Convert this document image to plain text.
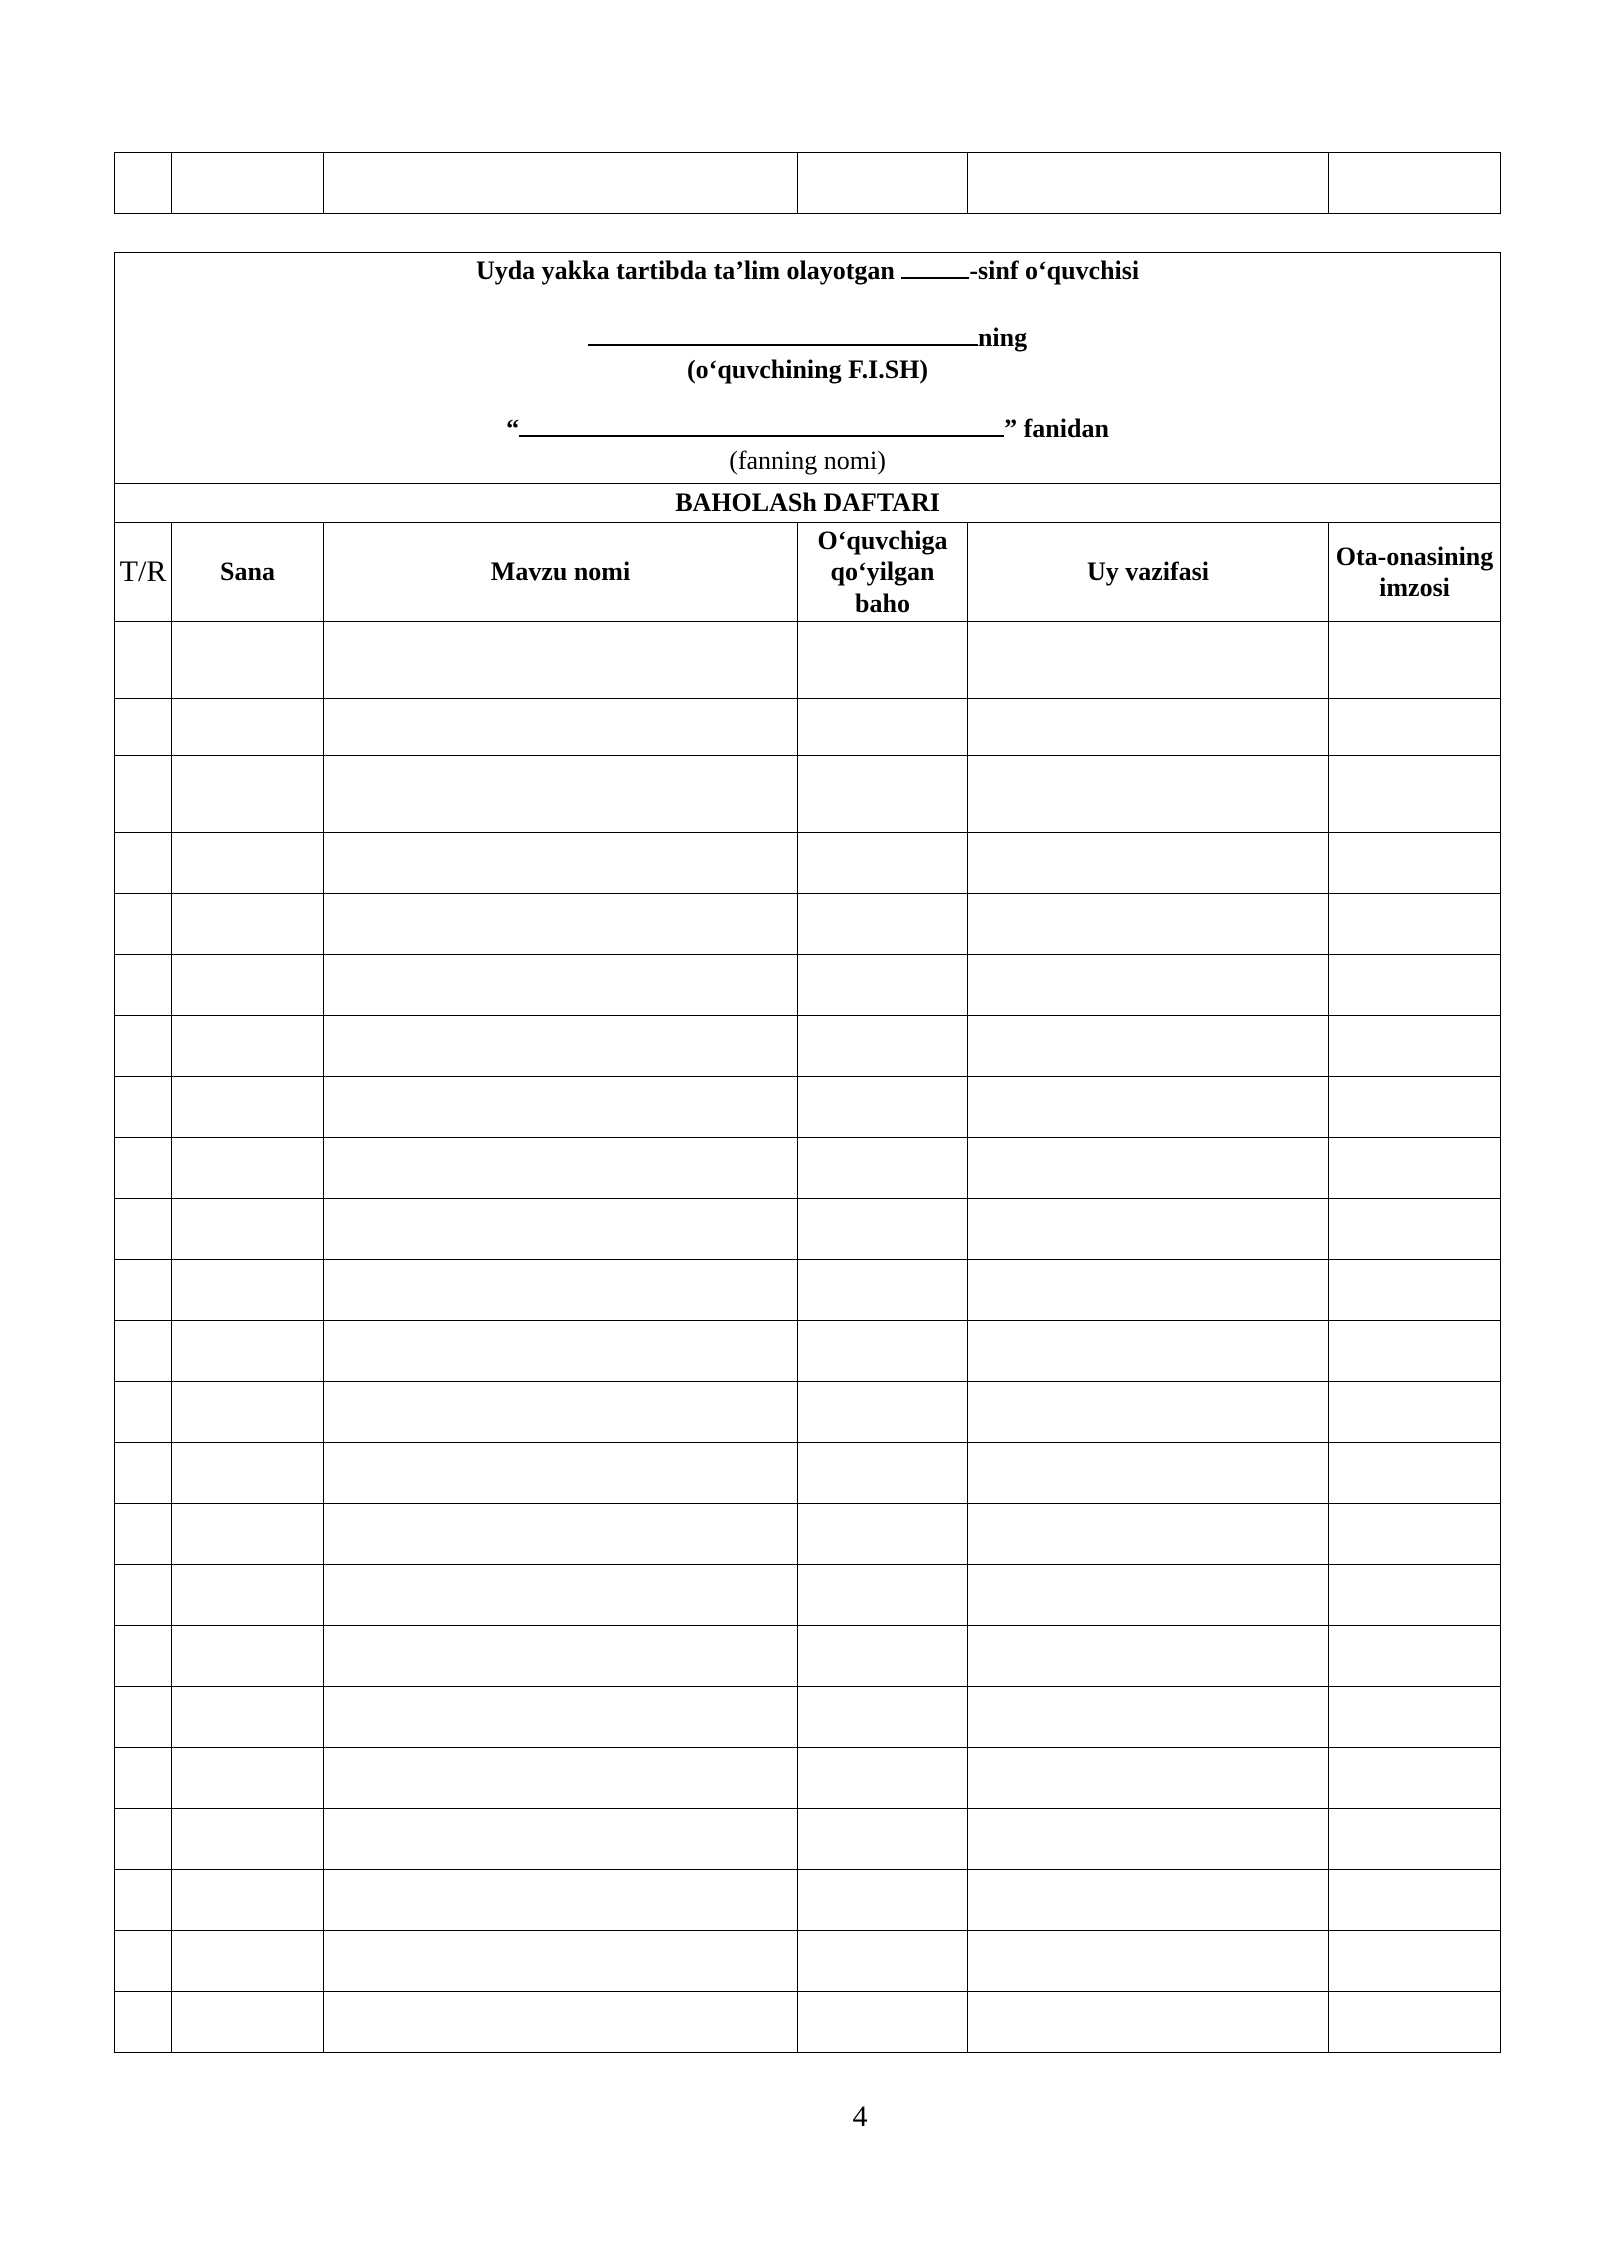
Uyda yakka tartibda ta’lim olayotgan -sinf o‘quvchisi
ning
(o‘quvchining F.I.SH)
“ ” fanidan
(fanning nomi)					

BAHOLASh DAFTARI					
T/R	Sana	Mavzu nomi	O‘quvchiga qo‘yilgan baho	Uy vazifasi	Ota-onasining imzosi

4
